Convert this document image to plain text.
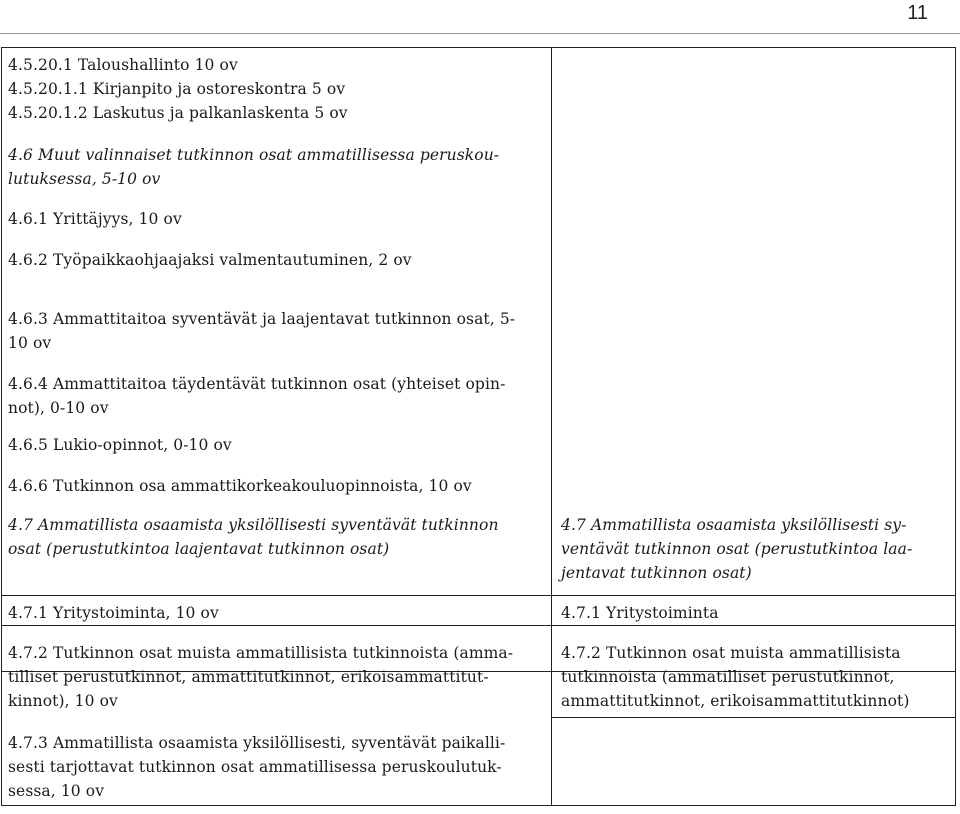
11
4.5.20.1 Taloushallinto 10 ov
4.5.20.1.1 Kirjanpito ja ostoreskontra 5 ov
4.5.20.1.2 Laskutus ja palkanlaskenta 5 ov
4.6 Muut valinnaiset tutkinnon osat ammatillisessa peruskou-
lutuksessa, 5-10 ov
4.6.1 Yrittäjyys, 10 ov
4.6.2 Työpaikkaohjaajaksi valmentautuminen, 2 ov
4.6.3 Ammattitaitoa syventävät ja laajentavat tutkinnon osat, 5-
10 ov
4.6.4 Ammattitaitoa täydentävät tutkinnon osat (yhteiset opin-
not), 0-10 ov
4.6.5 Lukio-opinnot, 0-10 ov
4.6.6 Tutkinnon osa ammattikorkeakouluopinnoista, 10 ov
4.7 Ammatillista osaamista yksilöllisesti syventävät tutkinnon
osat (perustutkintoa laajentavat tutkinnon osat)
4.7.1 Yritystoiminta, 10 ov
4.7.2 Tutkinnon osat muista ammatillisista tutkinnoista (amma-
tilliset perustutkinnot, ammattitutkinnot, erikoisammattitut-
kinnot), 10 ov
4.7.3 Ammatillista osaamista yksilöllisesti, syventävät paikalli-
sesti tarjottavat tutkinnon osat ammatillisessa peruskoulutuk-
sessa, 10 ov
4.7 Ammatillista osaamista yksilöllisesti sy-
ventävät tutkinnon osat (perustutkintoa laa-
jentavat tutkinnon osat)
4.7.1 Yritystoiminta
4.7.2 Tutkinnon osat muista ammatillisista
tutkinnoista (ammatilliset perustutkinnot,
ammattitutkinnot, erikoisammattitutkinnot)
